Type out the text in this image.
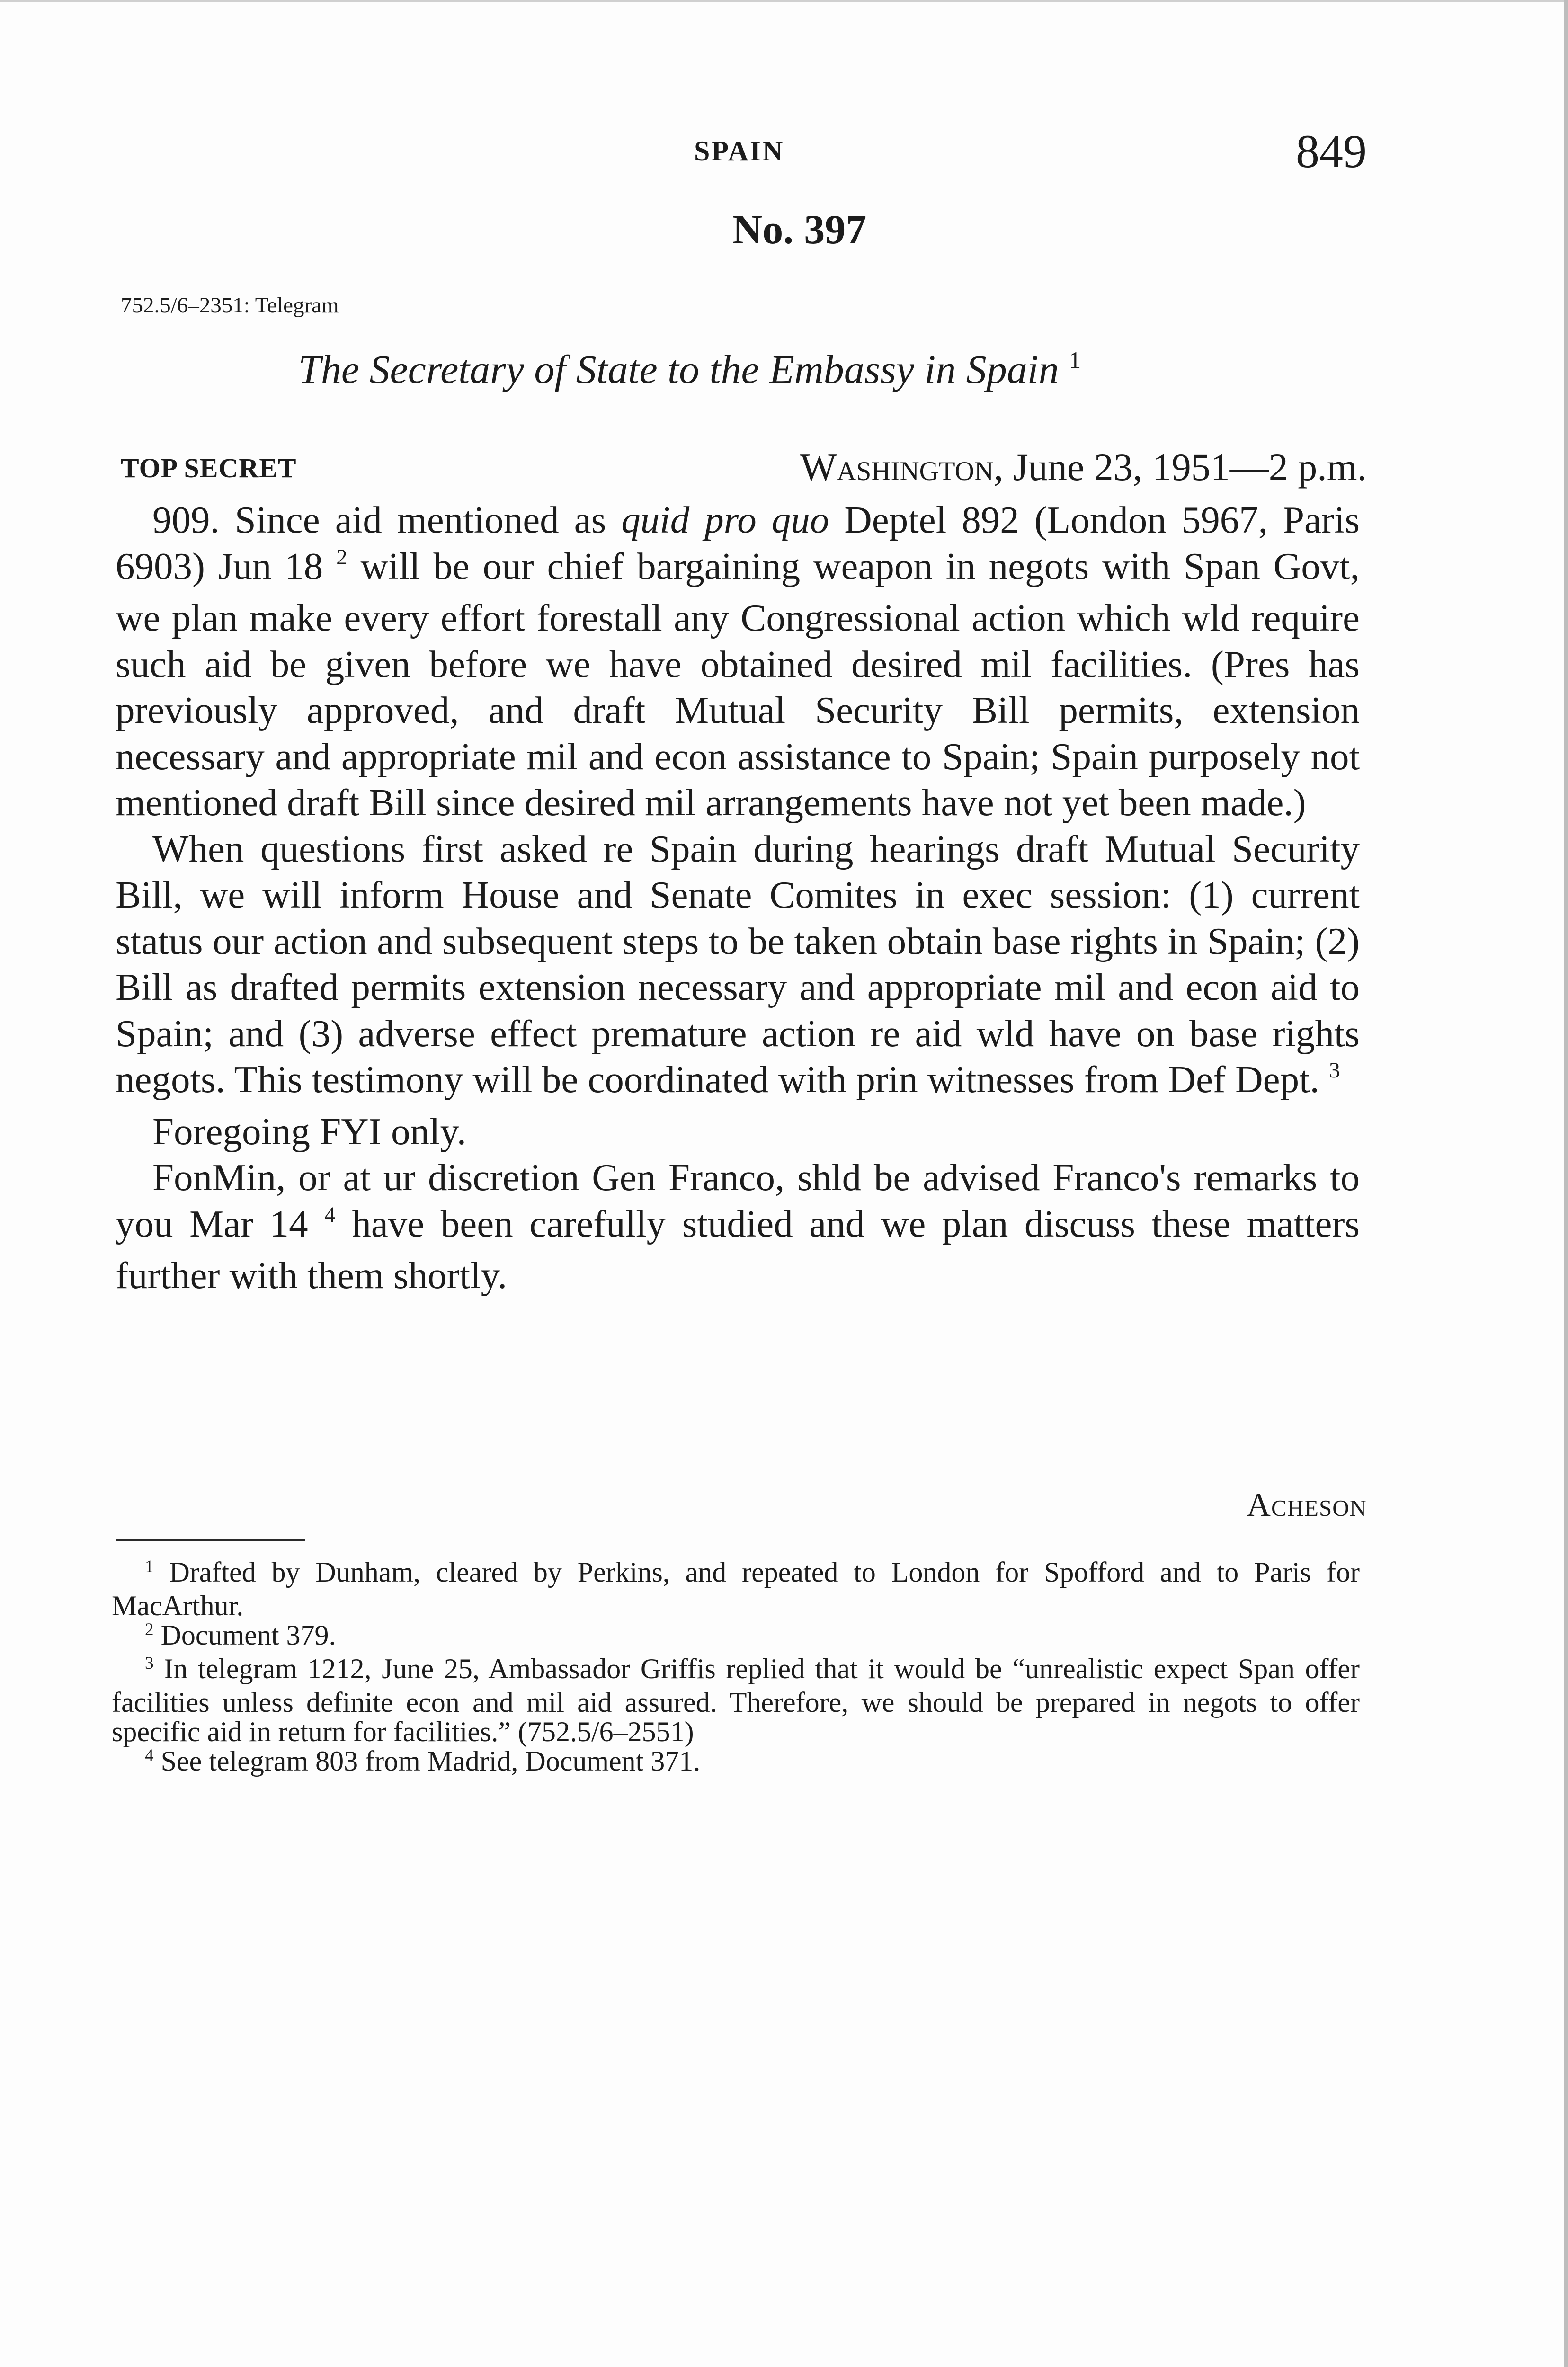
SPAIN	849
No. 397
752.5/6–2351: Telegram
The Secretary of State to the Embassy in Spain $^1$
TOP SECRET	Washington, June 23, 1951—2 p.m.

909. Since aid mentioned as quid pro quo Deptel 892 (London 5967, Paris 6903) Jun 18 $^2$ will be our chief bargaining weapon in negots with Span Govt, we plan make every effort forestall any Congressional action which wld require such aid be given before we have obtained desired mil facilities. (Pres has previously approved, and draft Mutual Security Bill permits, extension necessary and appropriate mil and econ assistance to Spain; Spain purposely not mentioned draft Bill since desired mil arrangements have not yet been made.)

When questions first asked re Spain during hearings draft Mutual Security Bill, we will inform House and Senate Comites in exec session: (1) current status our action and subsequent steps to be taken obtain base rights in Spain; (2) Bill as drafted permits extension necessary and appropriate mil and econ aid to Spain; and (3) adverse effect premature action re aid wld have on base rights negots. This testimony will be coordinated with prin witnesses from Def Dept. $^3$

Foregoing FYI only.

FonMin, or at ur discretion Gen Franco, shld be advised Franco's remarks to you Mar 14 $^4$ have been carefully studied and we plan discuss these matters further with them shortly.

Acheson

$^1$ Drafted by Dunham, cleared by Perkins, and repeated to London for Spofford and to Paris for MacArthur.

$^2$ Document 379.

$^3$ In telegram 1212, June 25, Ambassador Griffis replied that it would be “unrealistic expect Span offer facilities unless definite econ and mil aid assured. Therefore, we should be prepared in negots to offer specific aid in return for facilities.” (752.5/6–2551)

$^4$ See telegram 803 from Madrid, Document 371.
